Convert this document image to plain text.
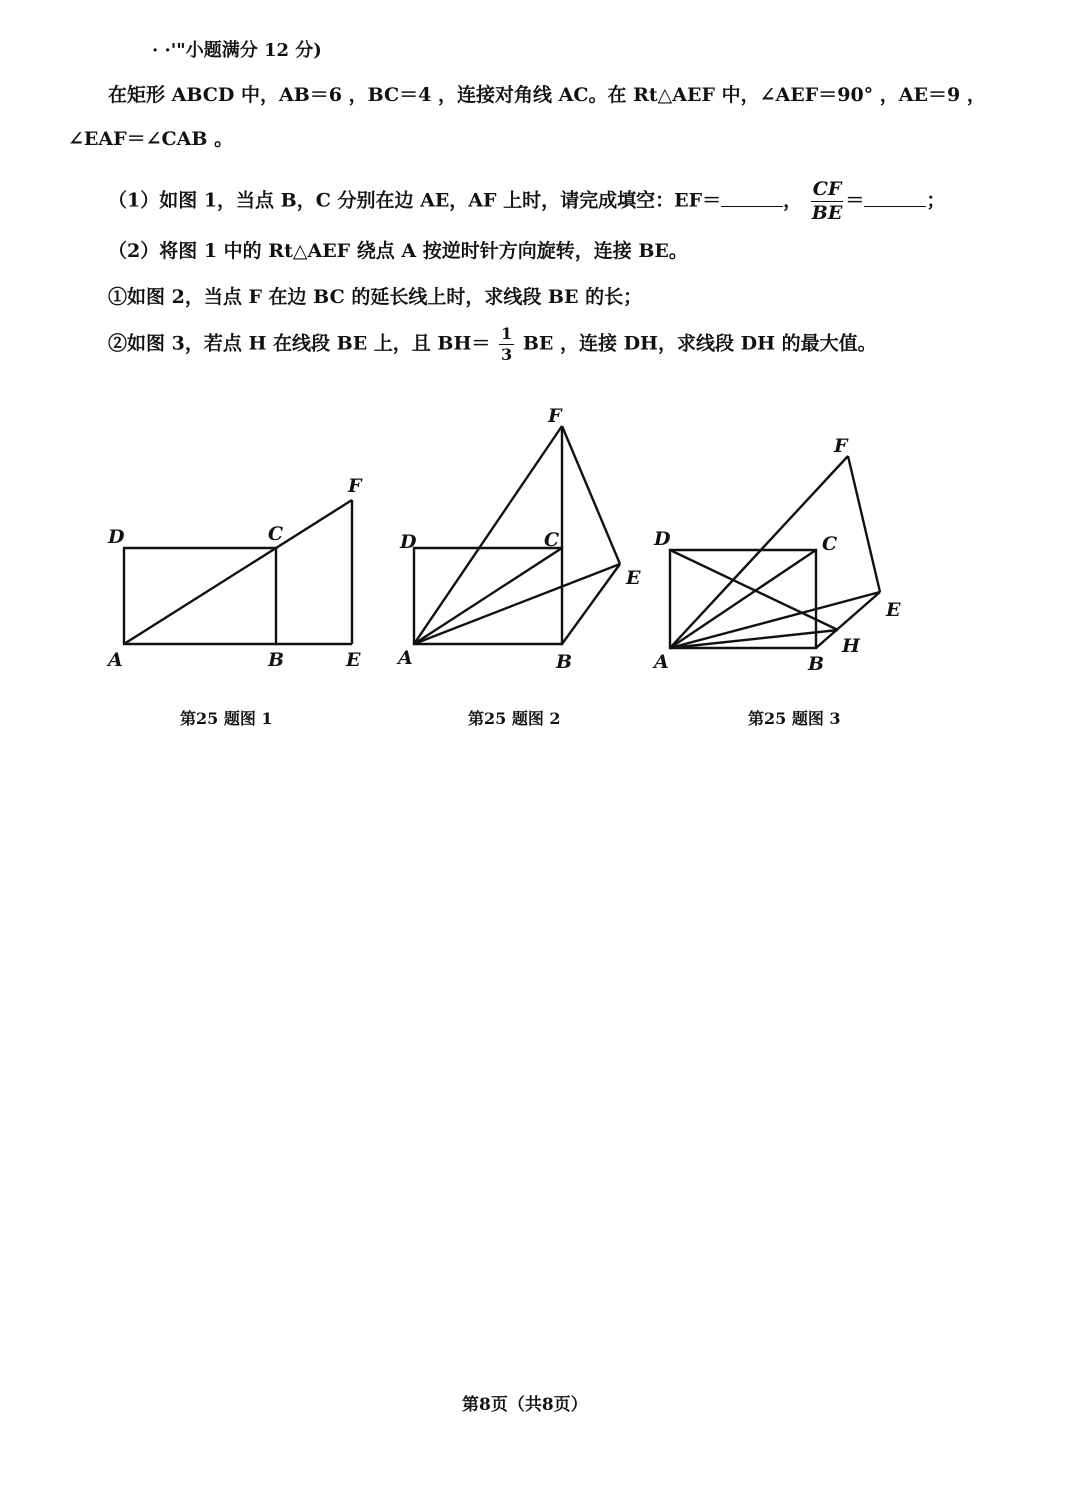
· ·'"小题满分 12 分)
在矩形 ABCD 中，AB＝6 ，BC＝4 ，连接对角线 AC。在 Rt△AEF 中，∠AEF＝90° ，AE＝9 ，
∠EAF＝∠CAB 。
（1）如图 1，当点 B，C 分别在边 AE，AF 上时，请完成填空：EF＝	， $\frac{CF}{BE}$ ＝	；
（2）将图 1 中的 Rt△AEF 绕点 A 按逆时针方向旋转，连接 BE。
①如图 2，当点 F 在边 BC 的延长线上时，求线段 BE 的长；
②如图 3，若点 H 在线段 BE 上，且 $BH= \frac{1}{3}$ BE ，连接 DH，求线段 DH 的最大值。
D	C
F
A	B	E
第25 题图 1
D	C
F
E
A	B
第25 题图 2
D	C
F
E
H
A	B
第25 题图 3
第8页（共8页）
